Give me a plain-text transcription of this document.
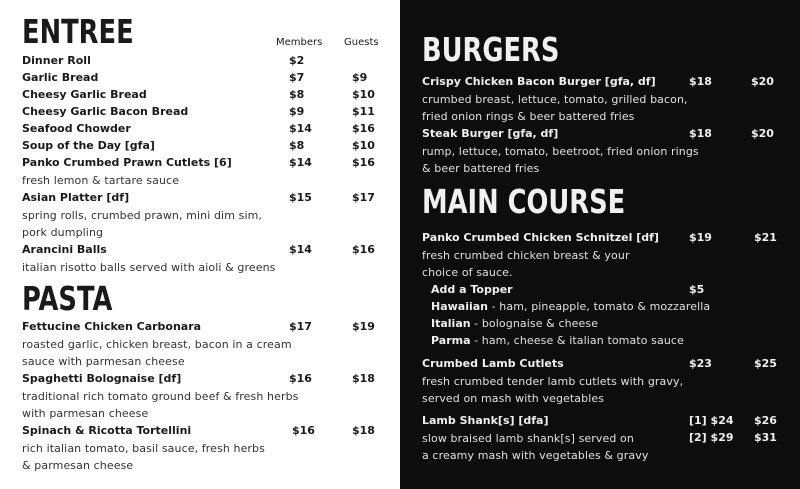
ENTREE	Members Guests
Dinner Roll	$2
Garlic Bread	$7	$9
Cheesy Garlic Bread	$8	$10
Cheesy Garlic Bacon Bread	$9	$11
Seafood Chowder	$14	$16
Soup of the Day [gfa]	$8	$10
Panko Crumbed Prawn Cutlets [6]	$14	$16
fresh lemon & tartare sauce
Asian Platter [df]	$15	$17
spring rolls, crumbed prawn, mini dim sim,
pork dumpling
Arancini Balls	$14	$16
italian risotto balls served with aioli & greens
PASTA
Fettucine Chicken Carbonara	$17	$19
roasted garlic, chicken breast, bacon in a cream
sauce with parmesan cheese
Spaghetti Bolognaise [df]	$16	$18
traditional rich tomato ground beef & fresh herbs
with parmesan cheese
Spinach & Ricotta Tortellini	$16	$18
rich italian tomato, basil sauce, fresh herbs
& parmesan cheese
BURGERS
Crispy Chicken Bacon Burger [gfa, df]	$18	$20
crumbed breast, lettuce, tomato, grilled bacon,
fried onion rings & beer battered fries
Steak Burger [gfa, df]	$18	$20
rump, lettuce, tomato, beetroot, fried onion rings
& beer battered fries
MAIN COURSE
Panko Crumbed Chicken Schnitzel [df]	$19	$21
fresh crumbed chicken breast & your
choice of sauce.
Add a Topper	$5
Hawaiian - ham, pineapple, tomato & mozzarella
Italian - bolognaise & cheese
Parma - ham, cheese & italian tomato sauce
Crumbed Lamb Cutlets	$23	$25
fresh crumbed tender lamb cutlets with gravy,
served on mash with vegetables
Lamb Shank[s] [dfa]	[1] $24 $26
slow braised lamb shank[s] served on	[2] $29 $31
a creamy mash with vegetables & gravy
